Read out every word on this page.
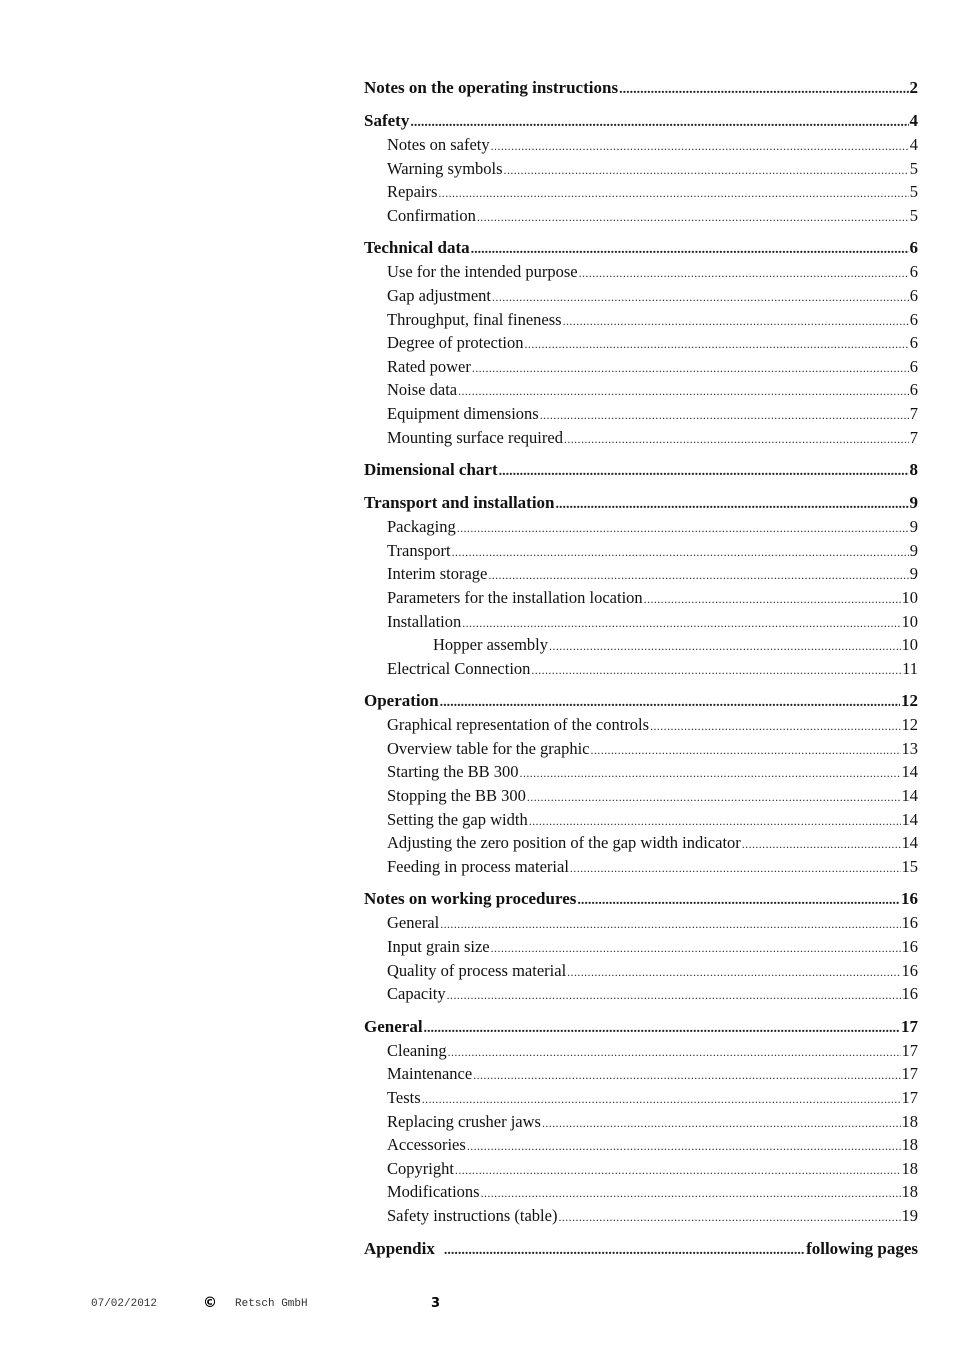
Notes on the operating instructions .....	2
Safety .....	4
Notes on safety .....	4
Warning symbols .....	5
Repairs .....	5
Confirmation .....	5
Technical data .....	6
Use for the intended purpose .....	6
Gap adjustment .....	6
Throughput, final fineness .....	6
Degree of protection .....	6
Rated power .....	6
Noise data .....	6
Equipment dimensions .....	7
Mounting surface required .....	7
Dimensional chart .....	8
Transport and installation .....	9
Packaging .....	9
Transport .....	9
Interim storage .....	9
Parameters for the installation location .....	10
Installation .....	10
Hopper assembly .....	10
Electrical Connection .....	11
Operation .....	12
Graphical representation of the controls .....	12
Overview table for the graphic .....	13
Starting the BB 300 .....	14
Stopping the BB 300 .....	14
Setting the gap width .....	14
Adjusting the zero position of the gap width indicator .....	14
Feeding in process material .....	15
Notes on working procedures .....	16
General .....	16
Input grain size .....	16
Quality of process material .....	16
Capacity .....	16
General .....	17
Cleaning .....	17
Maintenance .....	17
Tests .....	17
Replacing crusher jaws .....	18
Accessories .....	18
Copyright .....	18
Modifications .....	18
Safety instructions (table) .....	19
Appendix .....	following pages
07/02/2012	© Retsch GmbH	3
